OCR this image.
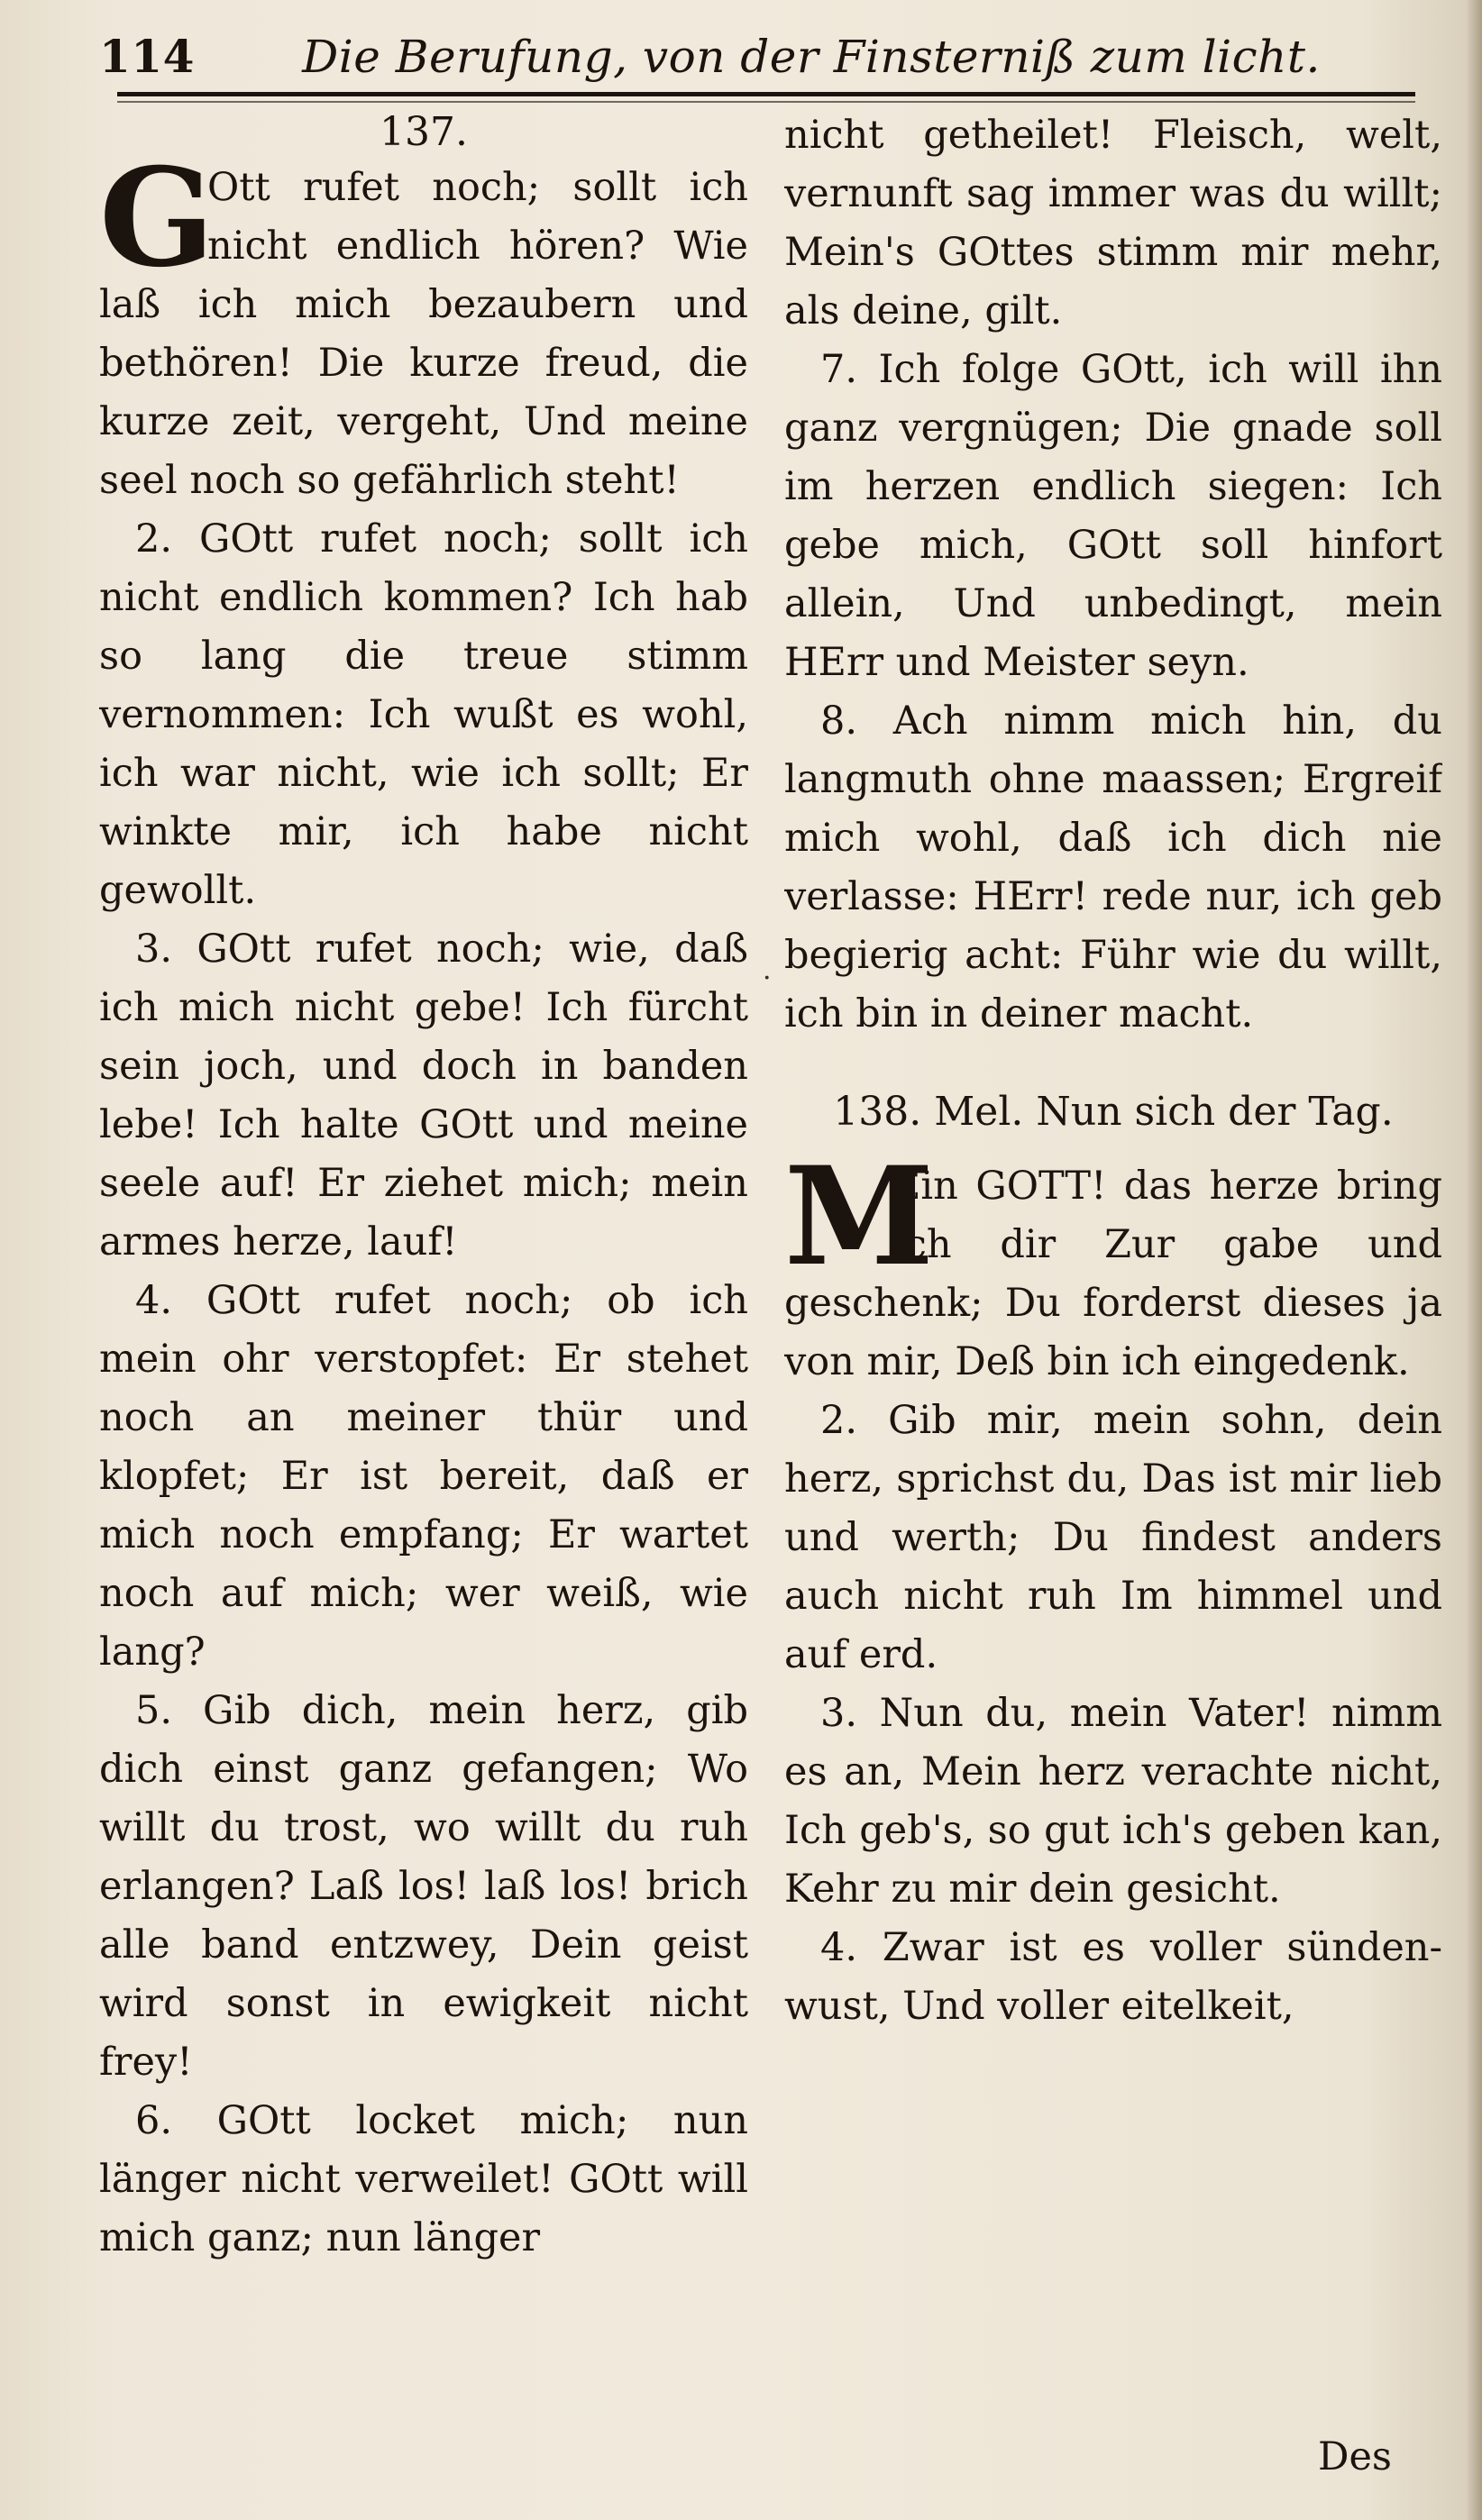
114	Die Berufung, von der Finsterniß zum licht.
137.

G
Ott rufet noch; sollt ich nicht endlich hören? Wie laß ich mich bezaubern und bethören! Die kurze freud, die kurze zeit, vergeht, Und meine seel noch so gefährlich steht!

2. GOtt rufet noch; sollt ich nicht endlich kommen? Ich hab so lang die treue stimm vernommen: Ich wußt es wohl, ich war nicht, wie ich sollt; Er winkte mir, ich habe nicht gewollt.

3. GOtt rufet noch; wie, daß ich mich nicht gebe! Ich fürcht sein joch, und doch in banden lebe! Ich halte GOtt und meine seele auf! Er ziehet mich; mein armes herze, lauf!

4. GOtt rufet noch; ob ich mein ohr verstopfet: Er stehet noch an meiner thür und klopfet; Er ist bereit, daß er mich noch empfang; Er wartet noch auf mich; wer weiß, wie lang?

5. Gib dich, mein herz, gib dich einst ganz gefangen; Wo willt du trost, wo willt du ruh erlangen? Laß los! laß los! brich alle band entzwey, Dein geist wird sonst in ewigkeit nicht frey!

6. GOtt locket mich; nun länger nicht verweilet! GOtt will mich ganz; nun länger

·

nicht getheilet! Fleisch, welt, vernunft sag immer was du willt; Mein's GOttes stimm mir mehr, als deine, gilt.

7. Ich folge GOtt, ich will ihn ganz vergnügen; Die gnade soll im herzen endlich siegen: Ich gebe mich, GOtt soll hinfort allein, Und unbedingt, mein HErr und Meister seyn.

8. Ach nimm mich hin, du langmuth ohne maassen; Ergreif mich wohl, daß ich dich nie verlasse: HErr! rede nur, ich geb begierig acht: Führ wie du willt, ich bin in deiner macht.

138. Mel. Nun sich der Tag.

M
Ein GOTT! das herze bring ich dir Zur gabe und geschenk; Du forderst dieses ja von mir, Deß bin ich eingedenk.

2. Gib mir, mein sohn, dein herz, sprichst du, Das ist mir lieb und werth; Du findest anders auch nicht ruh Im himmel und auf erd.

3. Nun du, mein Vater! nimm es an, Mein herz verachte nicht, Ich geb's, so gut ich's geben kan, Kehr zu mir dein gesicht.

4. Zwar ist es voller sünden-wust, Und voller eitelkeit,

Des
